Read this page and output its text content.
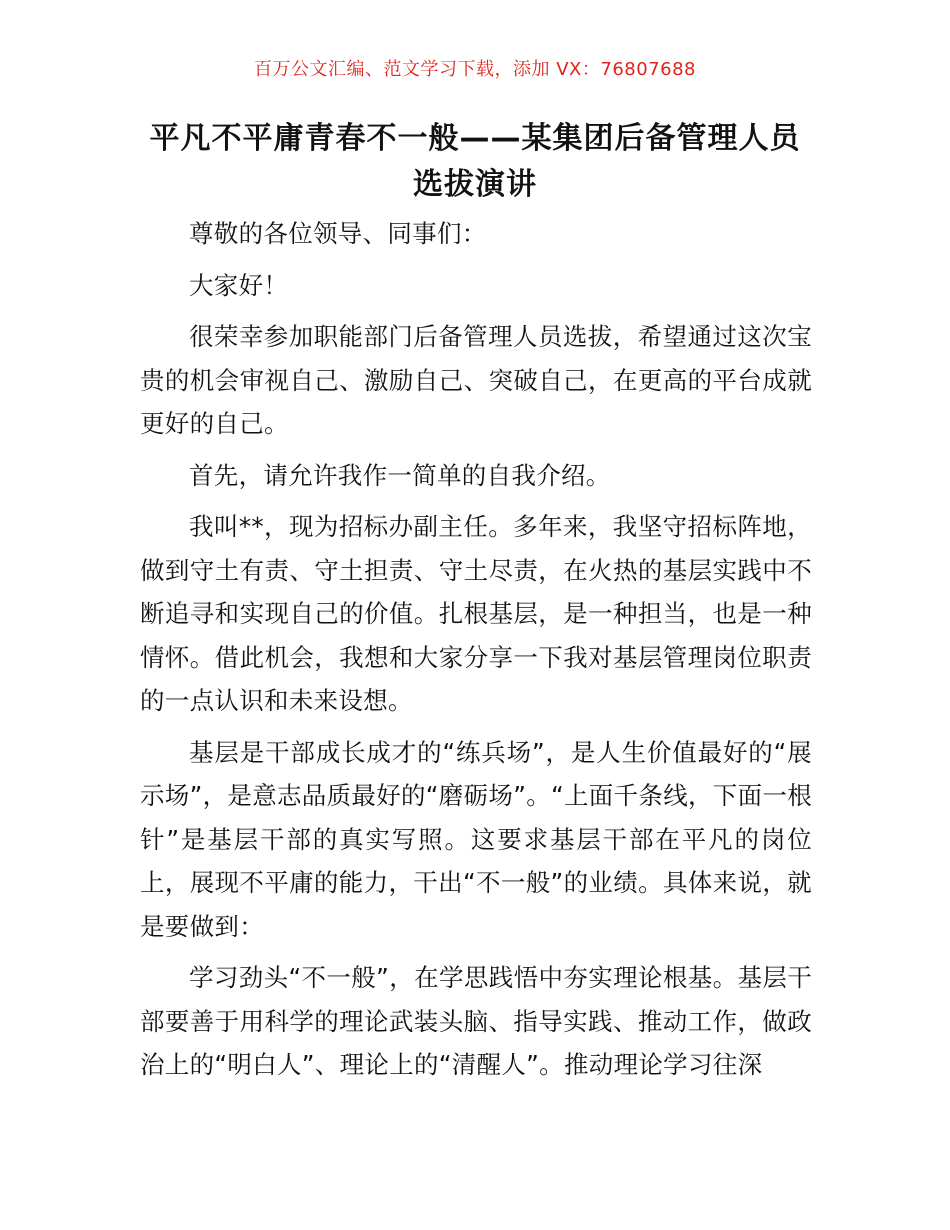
百万公文汇编、范文学习下载，添加 VX：76807688
平凡不平庸青春不一般——某集团后备管理人员选拔演讲

尊敬的各位领导、同事们：

大家好！

很荣幸参加职能部门后备管理人员选拔，希望通过这次宝贵的机会审视自己、激励自己、突破自己，在更高的平台成就更好的自己。

首先，请允许我作一简单的自我介绍。

我叫**，现为招标办副主任。多年来，我坚守招标阵地，做到守土有责、守土担责、守土尽责，在火热的基层实践中不断追寻和实现自己的价值。扎根基层，是一种担当，也是一种情怀。借此机会，我想和大家分享一下我对基层管理岗位职责的一点认识和未来设想。

基层是干部成长成才的“练兵场”，是人生价值最好的“展示场”，是意志品质最好的“磨砺场”。“上面千条线，下面一根针”是基层干部的真实写照。这要求基层干部在平凡的岗位上，展现不平庸的能力，干出“不一般”的业绩。具体来说，就是要做到：

学习劲头“不一般”，在学思践悟中夯实理论根基。基层干部要善于用科学的理论武装头脑、指导实践、推动工作，做政治上的“明白人”、理论上的“清醒人”。推动理论学习往深
